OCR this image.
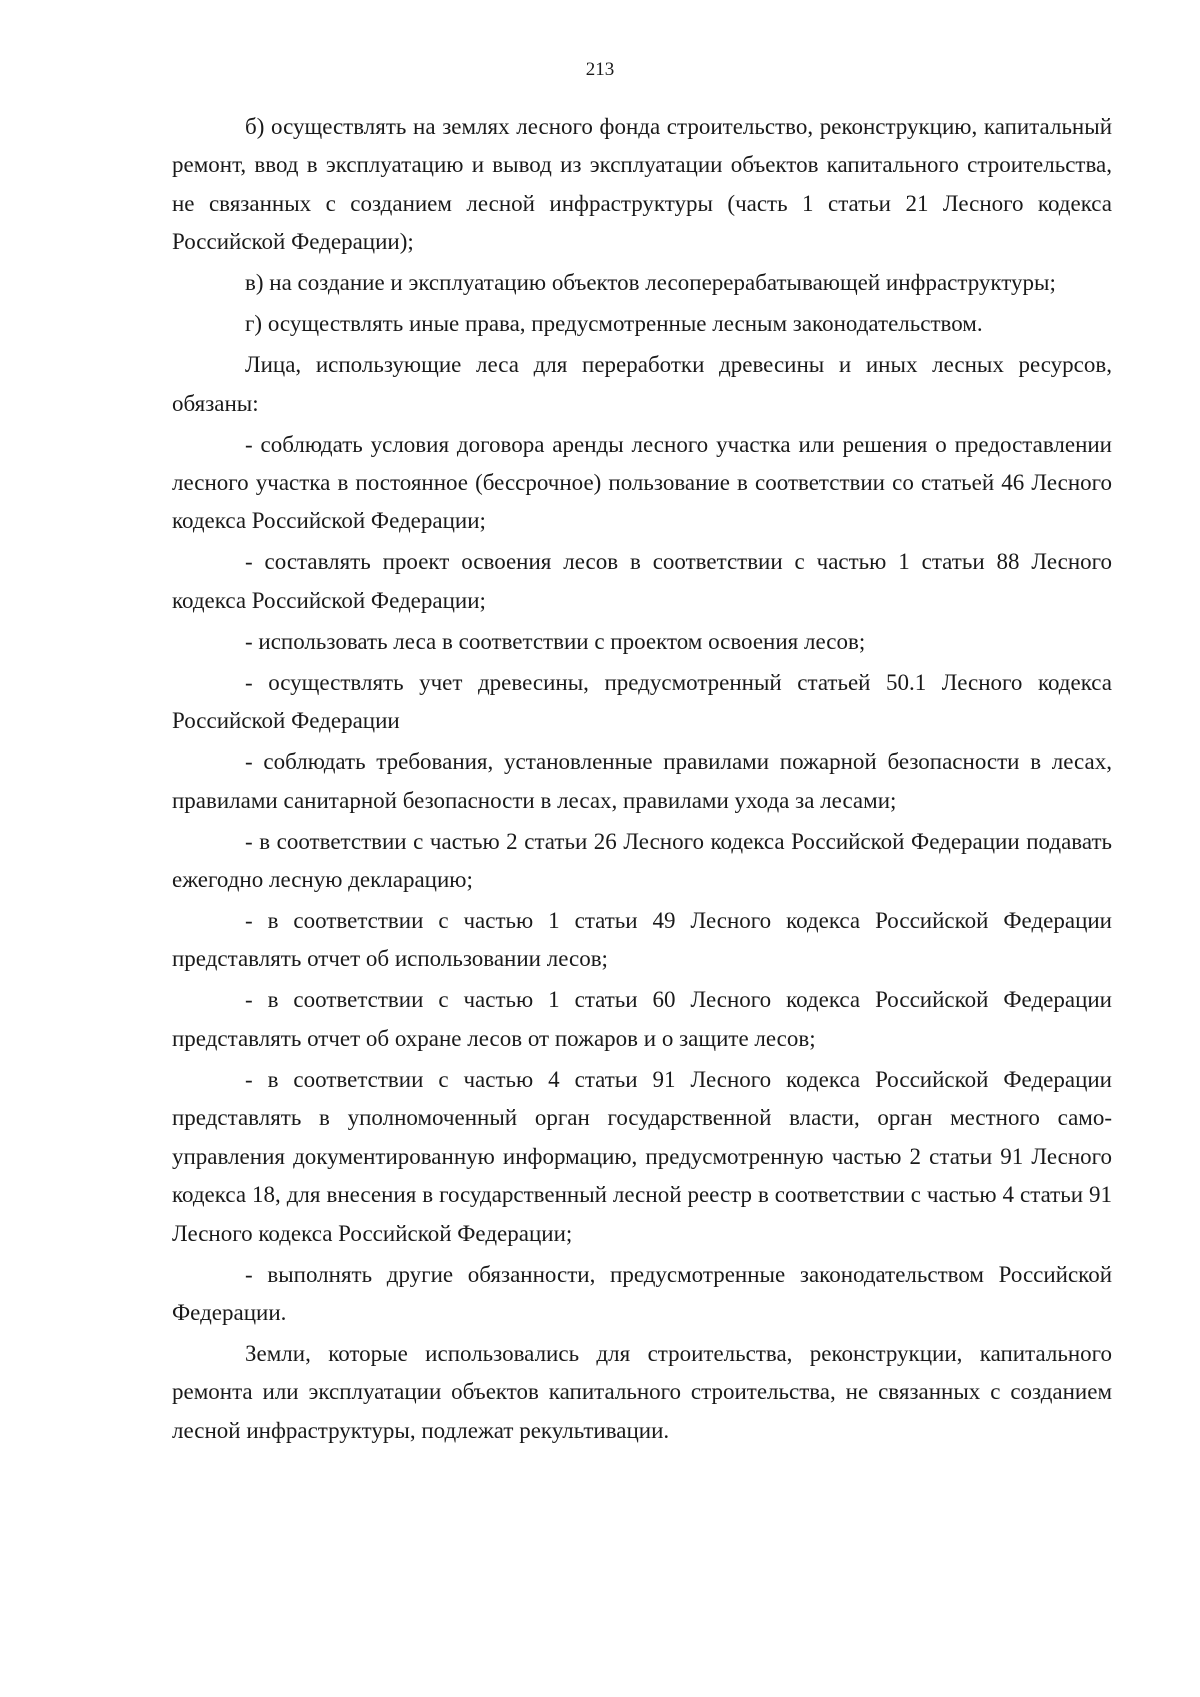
213

б) осуществлять на землях лесного фонда строительство, реконструкцию, капитальный ремонт, ввод в эксплуатацию и вывод из эксплуатации объектов капитального строительства, не связанных с созданием лесной инфраструктуры (часть 1 статьи 21 Лесного кодекса Российской Федерации);

в) на создание и эксплуатацию объектов лесоперерабатывающей инфраструктуры;

г) осуществлять иные права, предусмотренные лесным законодательством.

Лица, использующие леса для переработки древесины и иных лесных ресурсов, обязаны:

- соблюдать условия договора аренды лесного участка или решения о предоставлении лесного участка в постоянное (бессрочное) пользование в соответствии со статьей 46 Лесного кодекса Российской Федерации;

- составлять проект освоения лесов в соответствии с частью 1 статьи 88 Лесного кодекса Российской Федерации;

- использовать леса в соответствии с проектом освоения лесов;

- осуществлять учет древесины, предусмотренный статьей 50.1 Лесного кодекса Российской Федерации

- соблюдать требования, установленные правилами пожарной безопасности в лесах, правилами санитарной безопасности в лесах, правилами ухода за лесами;

- в соответствии с частью 2 статьи 26 Лесного кодекса Российской Федерации подавать ежегодно лесную декларацию;

- в соответствии с частью 1 статьи 49 Лесного кодекса Российской Федерации представлять отчет об использовании лесов;

- в соответствии с частью 1 статьи 60 Лесного кодекса Российской Федерации представлять отчет об охране лесов от пожаров и о защите лесов;

- в соответствии с частью 4 статьи 91 Лесного кодекса Российской Федерации представлять в уполномоченный орган государственной власти, орган местного самоуправления документированную информацию, предусмотренную частью 2 статьи 91 Лесного кодекса 18, для внесения в государственный лесной реестр в соответствии с частью 4 статьи 91 Лесного кодекса Российской Федерации;

- выполнять другие обязанности, предусмотренные законодательством Российской Федерации.

Земли, которые использовались для строительства, реконструкции, капитального ремонта или эксплуатации объектов капитального строительства, не связанных с созданием лесной инфраструктуры, подлежат рекультивации.
